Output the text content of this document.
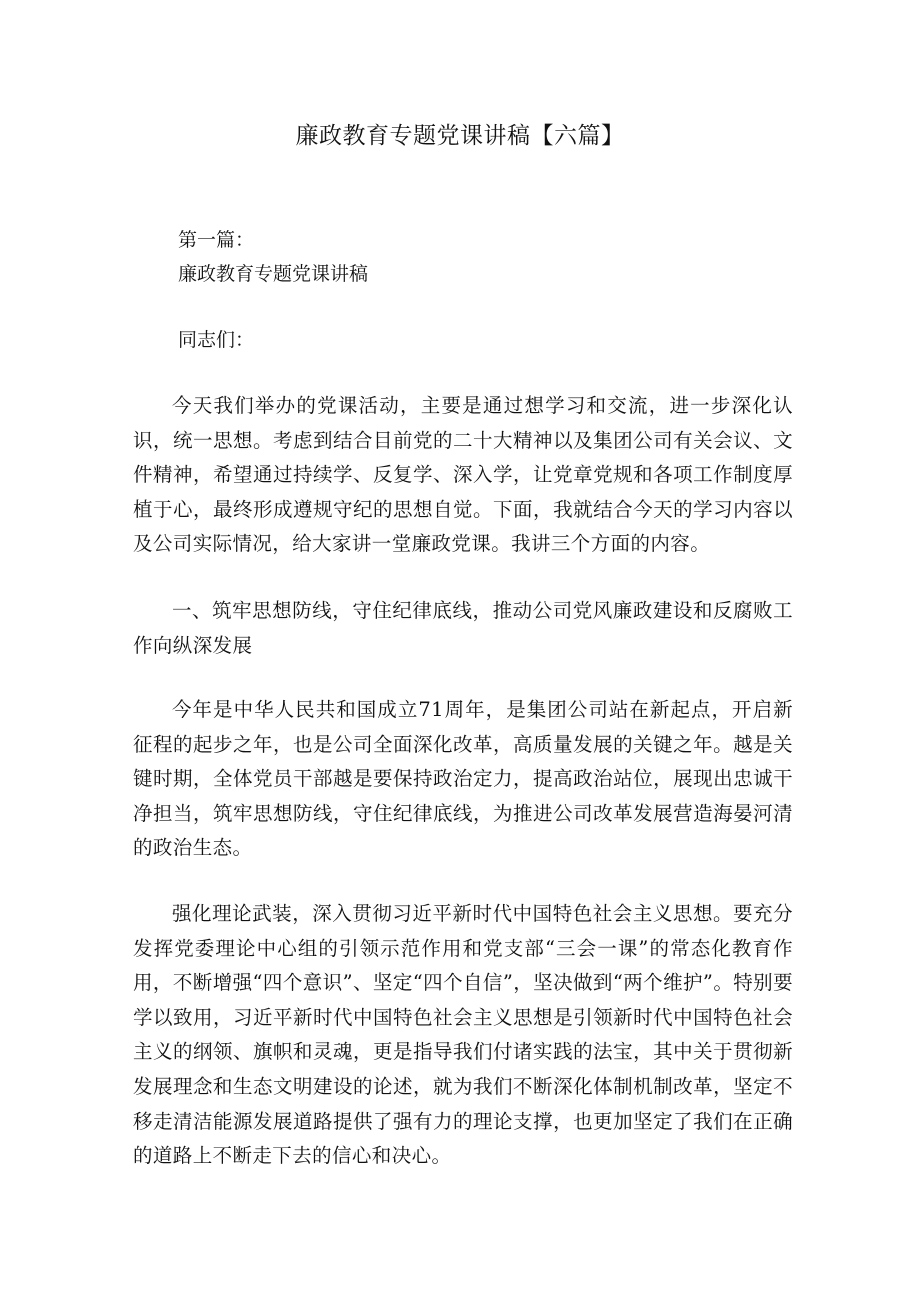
廉政教育专题党课讲稿【六篇】

第一篇：

廉政教育专题党课讲稿

同志们：

今天我们举办的党课活动，主要是通过想学习和交流，进一步深化认识，统一思想。考虑到结合目前党的二十大精神以及集团公司有关会议、文件精神，希望通过持续学、反复学、深入学，让党章党规和各项工作制度厚植于心，最终形成遵规守纪的思想自觉。下面，我就结合今天的学习内容以及公司实际情况，给大家讲一堂廉政党课。我讲三个方面的内容。

一、筑牢思想防线，守住纪律底线，推动公司党风廉政建设和反腐败工作向纵深发展

今年是中华人民共和国成立71周年，是集团公司站在新起点，开启新征程的起步之年，也是公司全面深化改革，高质量发展的关键之年。越是关键时期，全体党员干部越是要保持政治定力，提高政治站位，展现出忠诚干净担当，筑牢思想防线，守住纪律底线，为推进公司改革发展营造海晏河清的政治生态。

强化理论武装，深入贯彻习近平新时代中国特色社会主义思想。要充分发挥党委理论中心组的引领示范作用和党支部“三会一课”的常态化教育作用，不断增强“四个意识”、坚定“四个自信”，坚决做到“两个维护”。特别要学以致用，习近平新时代中国特色社会主义思想是引领新时代中国特色社会主义的纲领、旗帜和灵魂，更是指导我们付诸实践的法宝，其中关于贯彻新发展理念和生态文明建设的论述，就为我们不断深化体制机制改革，坚定不移走清洁能源发展道路提供了强有力的理论支撑，也更加坚定了我们在正确的道路上不断走下去的信心和决心。
